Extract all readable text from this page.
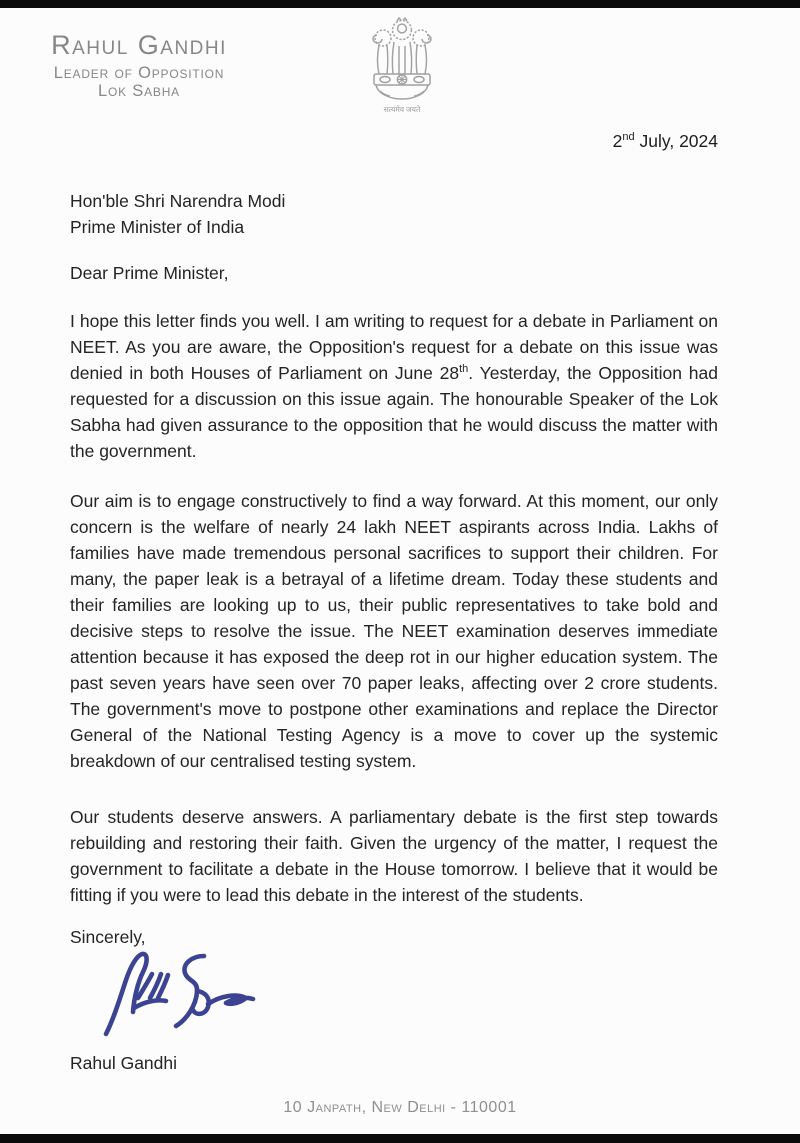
Rahul Gandhi
Leader of Opposition
Lok Sabha
सत्यमेव जयते
2nd July, 2024
Hon'ble Shri Narendra Modi
Prime Minister of India
Dear Prime Minister,

I hope this letter finds you well. I am writing to request for a debate in Parliament on NEET. As you are aware, the Opposition's request for a debate on this issue was denied in both Houses of Parliament on June 28th. Yesterday, the Opposition had requested for a discussion on this issue again. The honourable Speaker of the Lok Sabha had given assurance to the opposition that he would discuss the matter with the government.

Our aim is to engage constructively to find a way forward. At this moment, our only concern is the welfare of nearly 24 lakh NEET aspirants across India. Lakhs of families have made tremendous personal sacrifices to support their children. For many, the paper leak is a betrayal of a lifetime dream. Today these students and their families are looking up to us, their public representatives to take bold and decisive steps to resolve the issue. The NEET examination deserves immediate attention because it has exposed the deep rot in our higher education system. The past seven years have seen over 70 paper leaks, affecting over 2 crore students. The government's move to postpone other examinations and replace the Director General of the National Testing Agency is a move to cover up the systemic breakdown of our centralised testing system.

Our students deserve answers. A parliamentary debate is the first step towards rebuilding and restoring their faith. Given the urgency of the matter, I request the government to facilitate a debate in the House tomorrow. I believe that it would be fitting if you were to lead this debate in the interest of the students.

Sincerely,
Rahul Gandhi
10 Janpath, New Delhi - 110001
